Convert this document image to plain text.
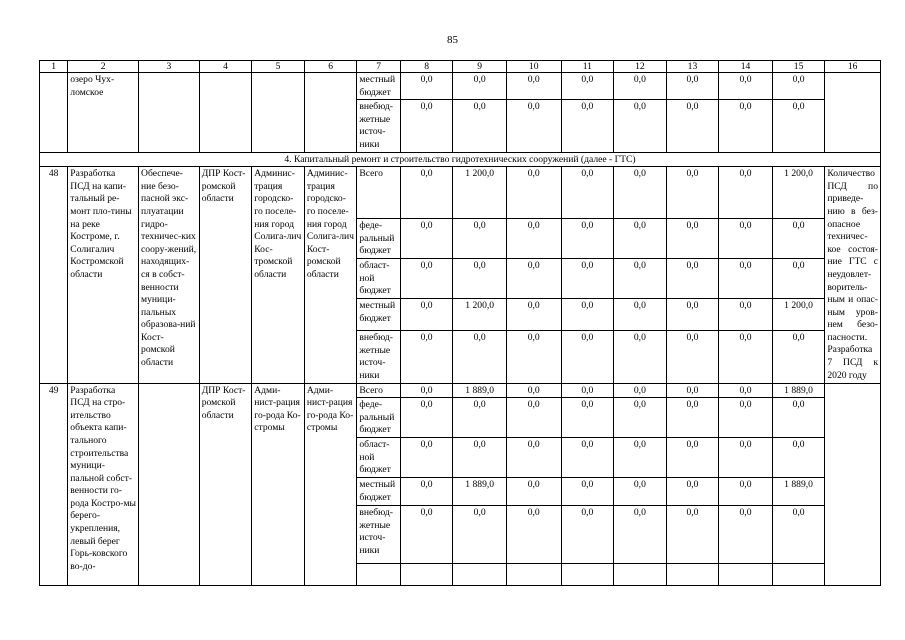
85
1	2	3	4	5	6	7	8	9	10	11	12	13	14	15	16
	озеро Чух-ломское					местный бюджет	0,0	0,0	0,0	0,0	0,0	0,0	0,0	0,0	
						внебюд-жетные источ-ники	0,0	0,0	0,0	0,0	0,0	0,0	0,0	0,0	
4. Капитальный ремонт и строительство гидротехнических сооружений (далее - ГТС)															
48	Разработка ПСД на капи-тальный ре-монт пло-тины на реке Костроме, г. Солигалич Костромской области	Обеспече-ние безо-пасной экс-плуатации гидро-техничес-ких соору-жений, находящих-ся в собст-венности муници-пальных образова-ний Кост-ромской области	ДПР Кост-ромской области	Админис-трация городско-го поселе-ния город Солига-лич Кос-тромской области	Админис-трация городско-го поселе-ния город Солига-лич Кост-ромской области	Всего	0,0	1 200,0	0,0	0,0	0,0	0,0	0,0	1 200,0	Количество ПСД по приведе-нию в без-опасное техничес-кое состоя-ние ГТС с неудовлет-воритель-ным и опас-ным уров-нем безо-пасности. Разработка 7 ПСД к 2020 году
						феде-ральный бюджет	0,0	0,0	0,0	0,0	0,0	0,0	0,0	0,0	
						област-ной бюджет	0,0	0,0	0,0	0,0	0,0	0,0	0,0	0,0	
						местный бюджет	0,0	1 200,0	0,0	0,0	0,0	0,0	0,0	1 200,0	
						внебюд-жетные источ-ники	0,0	0,0	0,0	0,0	0,0	0,0	0,0	0,0	
49	Разработка ПСД на стро-ительство объекта капи-тального строительства муници-пальной собст-венности го-рода Костро-мы берего-укрепления, левый берег Горь-ковского во-до-		ДПР Кост-ромской области	Адми-нист-рация го-рода Ко-стромы	Адми-нист-рация го-рода Ко-стромы	Всего	0,0	1 889,0	0,0	0,0	0,0	0,0	0,0	1 889,0	
						феде-ральный бюджет	0,0	0,0	0,0	0,0	0,0	0,0	0,0	0,0	
						област-ной бюджет	0,0	0,0	0,0	0,0	0,0	0,0	0,0	0,0	
						местный бюджет	0,0	1 889,0	0,0	0,0	0,0	0,0	0,0	1 889,0	
						внебюд-жетные источ-ники	0,0	0,0	0,0	0,0	0,0	0,0	0,0	0,0	
